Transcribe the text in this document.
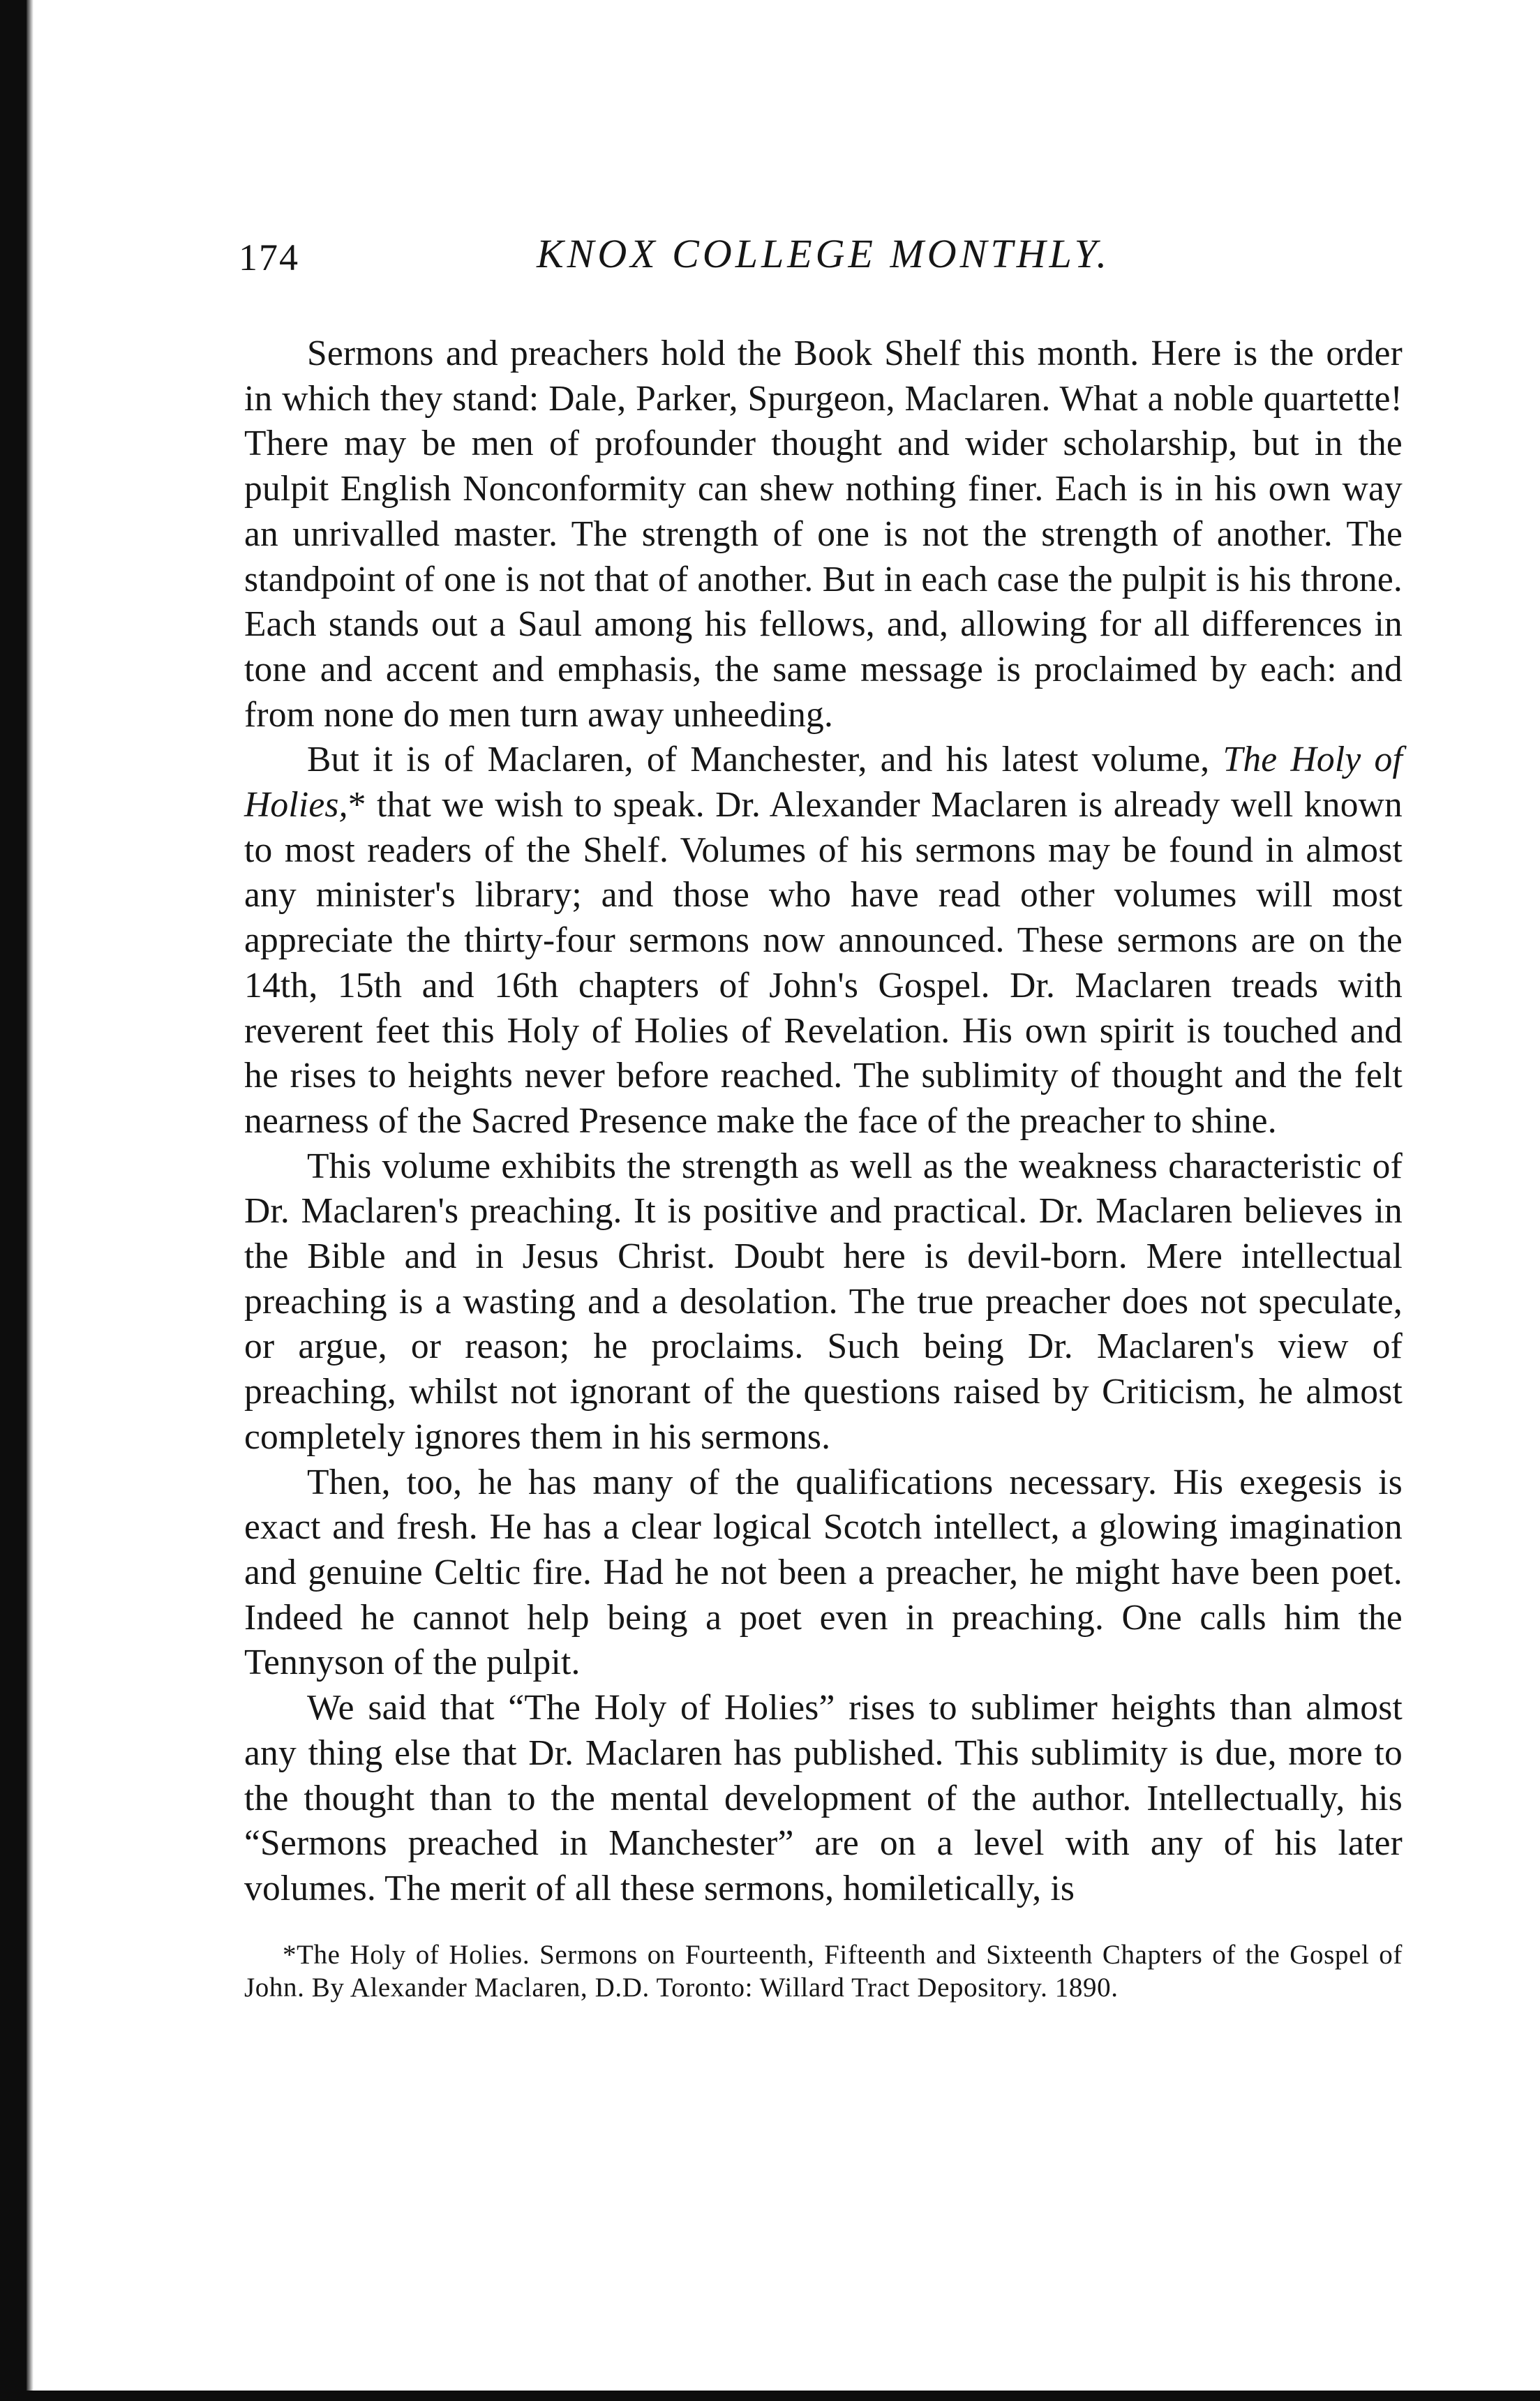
174	KNOX COLLEGE MONTHLY.

Sermons and preachers hold the Book Shelf this month. Here is the order in which they stand: Dale, Parker, Spurgeon, Maclaren. What a noble quartette! There may be men of profounder thought and wider scholarship, but in the pulpit English Nonconformity can shew nothing finer. Each is in his own way an unrivalled master. The strength of one is not the strength of another. The standpoint of one is not that of another. But in each case the pulpit is his throne. Each stands out a Saul among his fellows, and, allowing for all differences in tone and accent and emphasis, the same message is proclaimed by each: and from none do men turn away unheeding.

But it is of Maclaren, of Manchester, and his latest volume, The Holy of Holies,* that we wish to speak. Dr. Alexander Maclaren is already well known to most readers of the Shelf. Volumes of his sermons may be found in almost any minister's library; and those who have read other volumes will most appreciate the thirty-four sermons now announced. These sermons are on the 14th, 15th and 16th chapters of John's Gospel. Dr. Maclaren treads with reverent feet this Holy of Holies of Revelation. His own spirit is touched and he rises to heights never before reached. The sublimity of thought and the felt nearness of the Sacred Presence make the face of the preacher to shine.

This volume exhibits the strength as well as the weakness characteristic of Dr. Maclaren's preaching. It is positive and practical. Dr. Maclaren believes in the Bible and in Jesus Christ. Doubt here is devil-born. Mere intellectual preaching is a wasting and a desolation. The true preacher does not speculate, or argue, or reason; he proclaims. Such being Dr. Maclaren's view of preaching, whilst not ignorant of the questions raised by Criticism, he almost completely ignores them in his sermons.

Then, too, he has many of the qualifications necessary. His exegesis is exact and fresh. He has a clear logical Scotch intellect, a glowing imagination and genuine Celtic fire. Had he not been a preacher, he might have been poet. Indeed he cannot help being a poet even in preaching. One calls him the Tennyson of the pulpit.

We said that “The Holy of Holies” rises to sublimer heights than almost any thing else that Dr. Maclaren has published. This sublimity is due, more to the thought than to the mental development of the author. Intellectually, his “Sermons preached in Manchester” are on a level with any of his later volumes. The merit of all these sermons, homiletically, is

*The Holy of Holies. Sermons on Fourteenth, Fifteenth and Sixteenth Chapters of the Gospel of John. By Alexander Maclaren, D.D. Toronto: Willard Tract Depository. 1890.
